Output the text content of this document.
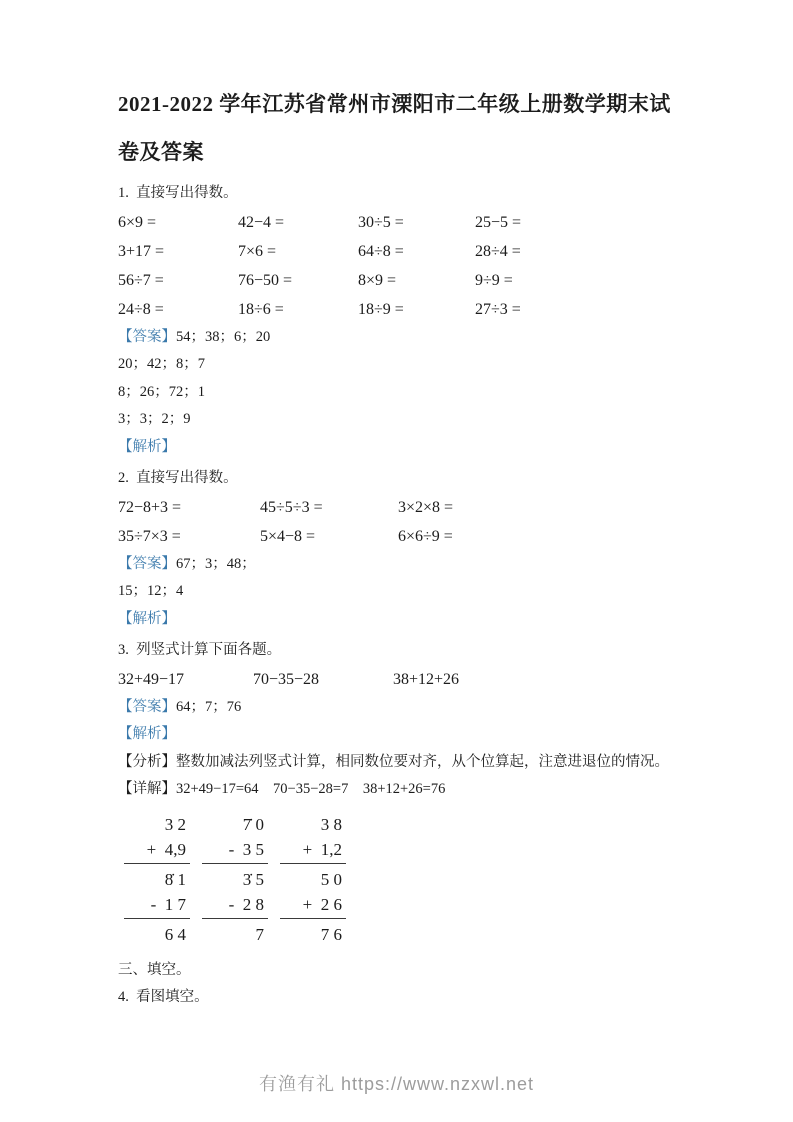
2021-2022 学年江苏省常州市溧阳市二年级上册数学期末试
卷及答案

1.  直接写出得数。

6×9 =	42−4 =	30÷5 =	25−5 =
3+17 =	7×6 =	64÷8 =	28÷4 =
56÷7 =	76−50 =	8×9 =	9÷9 =
24÷8 =	18÷6 =	18÷9 =	27÷3 =

【答案】54；38；6；20

20；42；8；7

8；26；72；1

3；3；2；9

【解析】

2.  直接写出得数。

72−8+3 =	45÷5÷3 =	3×2×8 =
35÷7×3 =	5×4−8 =	6×6÷9 =

【答案】67；3；48；

15；12；4

【解析】

3.  列竖式计算下面各题。

32+49−17	70−35−28	38+12+26

【答案】64；7；76

【解析】

【分析】整数加减法列竖式计算，相同数位要对齐，从个位算起，注意进退位的情况。

【详解】32+49−17=64    70−35−28=7    38+12+26=76

3 2
+  4,9
8̇ 1
-  1 7
6 4
7̇ 0
-  3 5
3̇ 5
-  2 8
7
3 8
+  1,2
5 0
+  2 6
7 6

三、填空。

4.  看图填空。

有渔有礼 https://www.nzxwl.net
